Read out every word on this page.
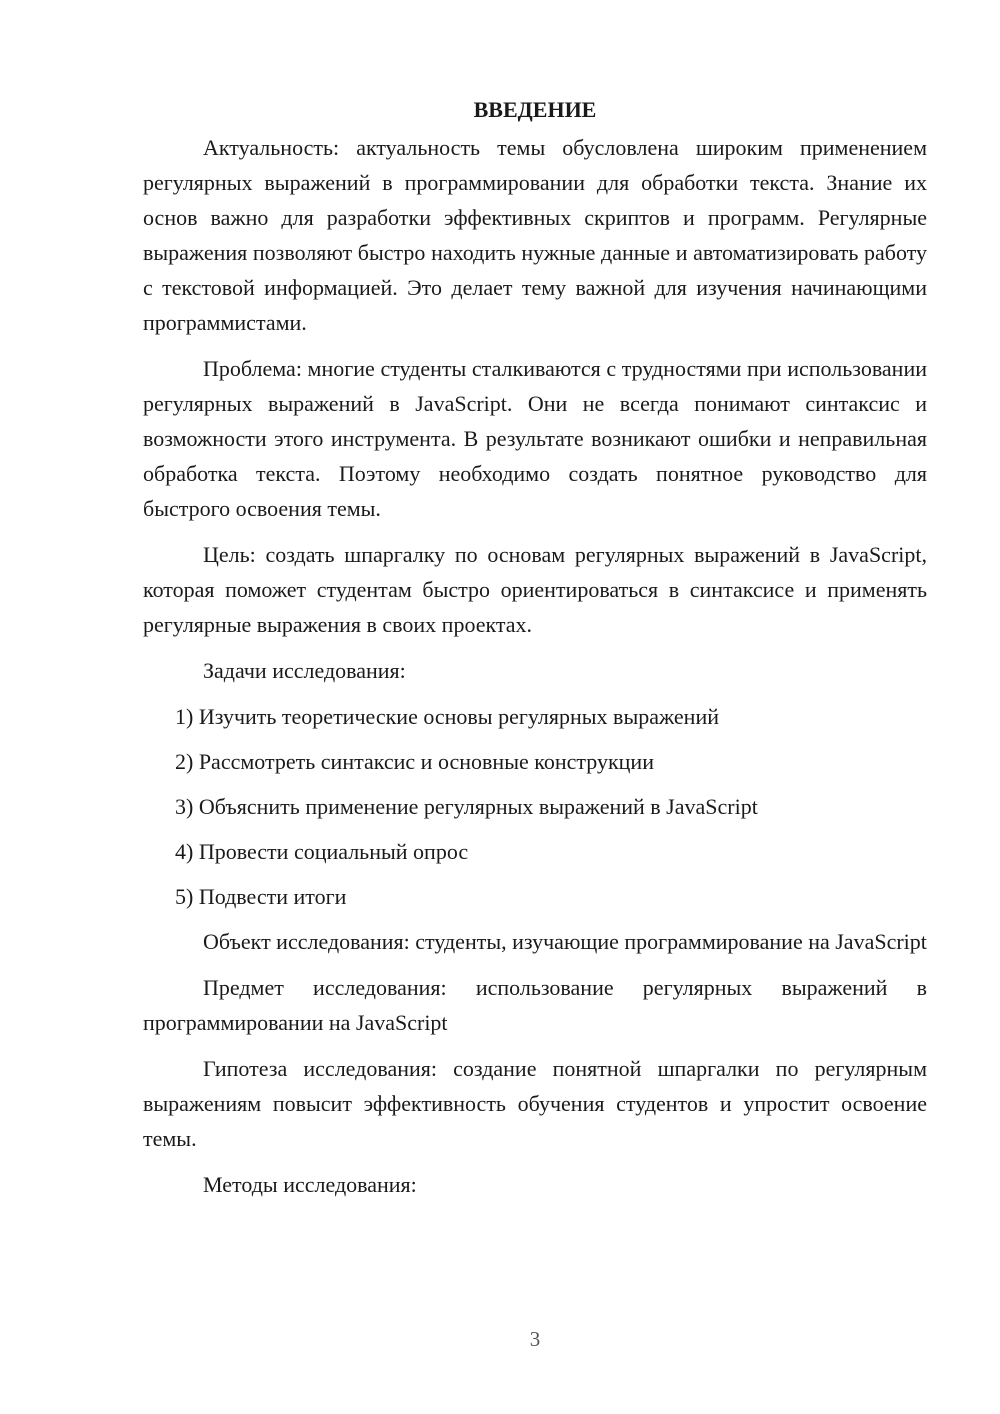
ВВЕДЕНИЕ

Актуальность: актуальность темы обусловлена широким применением регулярных выражений в программировании для обработки текста. Знание их основ важно для разработки эффективных скриптов и программ. Регулярные выражения позволяют быстро находить нужные данные и автоматизировать работу с текстовой информацией. Это делает тему важной для изучения начинающими программистами.

Проблема: многие студенты сталкиваются с трудностями при использовании регулярных выражений в JavaScript. Они не всегда понимают синтаксис и возможности этого инструмента. В результате возникают ошибки и неправильная обработка текста. Поэтому необходимо создать понятное руководство для быстрого освоения темы.

Цель: создать шпаргалку по основам регулярных выражений в JavaScript, которая поможет студентам быстро ориентироваться в синтаксисе и применять регулярные выражения в своих проектах.

Задачи исследования:

1) Изучить теоретические основы регулярных выражений
2) Рассмотреть синтаксис и основные конструкции
3) Объяснить применение регулярных выражений в JavaScript
4) Провести социальный опрос
5) Подвести итоги

Объект исследования: студенты, изучающие программирование на JavaScript

Предмет исследования: использование регулярных выражений в программировании на JavaScript

Гипотеза исследования: создание понятной шпаргалки по регулярным выражениям повысит эффективность обучения студентов и упростит освоение темы.

Методы исследования:

3
